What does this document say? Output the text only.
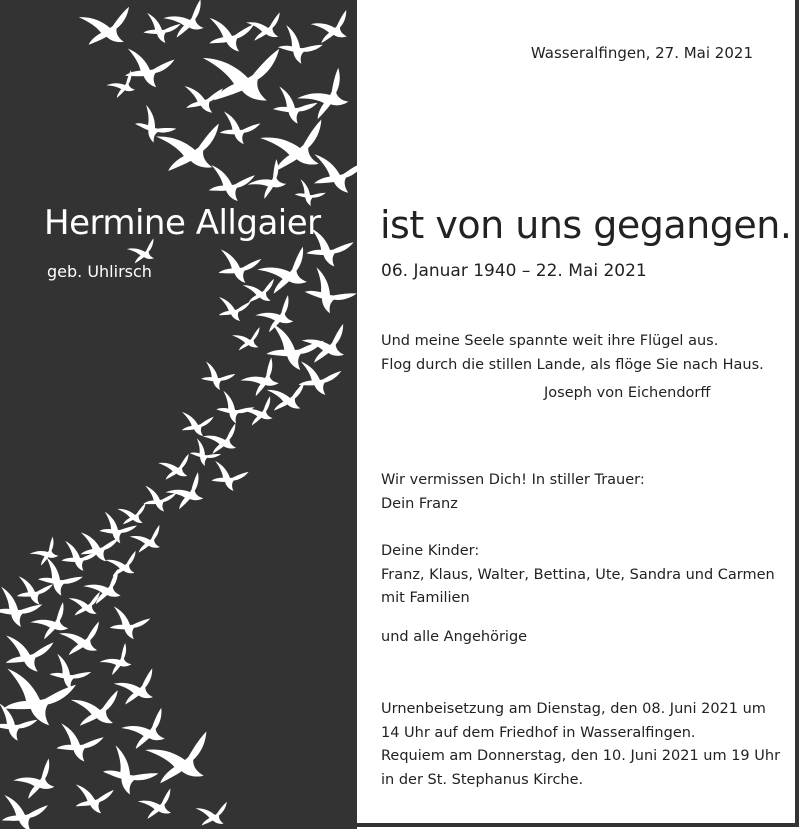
Hermine Allgaier
geb. Uhlirsch
Wasseralfingen, 27. Mai 2021
ist von uns gegangen.
06. Januar 1940 – 22. Mai 2021
Und meine Seele spannte weit ihre Flügel aus.
Flog durch die stillen Lande, als flöge Sie nach Haus.
Joseph von Eichendorff
Wir vermissen Dich! In stiller Trauer:
Dein Franz
Deine Kinder:
Franz, Klaus, Walter, Bettina, Ute, Sandra und Carmen
mit Familien
und alle Angehörige
Urnenbeisetzung am Dienstag, den 08. Juni 2021 um
14 Uhr auf dem Friedhof in Wasseralfingen.
Requiem am Donnerstag, den 10. Juni 2021 um 19 Uhr
in der St. Stephanus Kirche.
